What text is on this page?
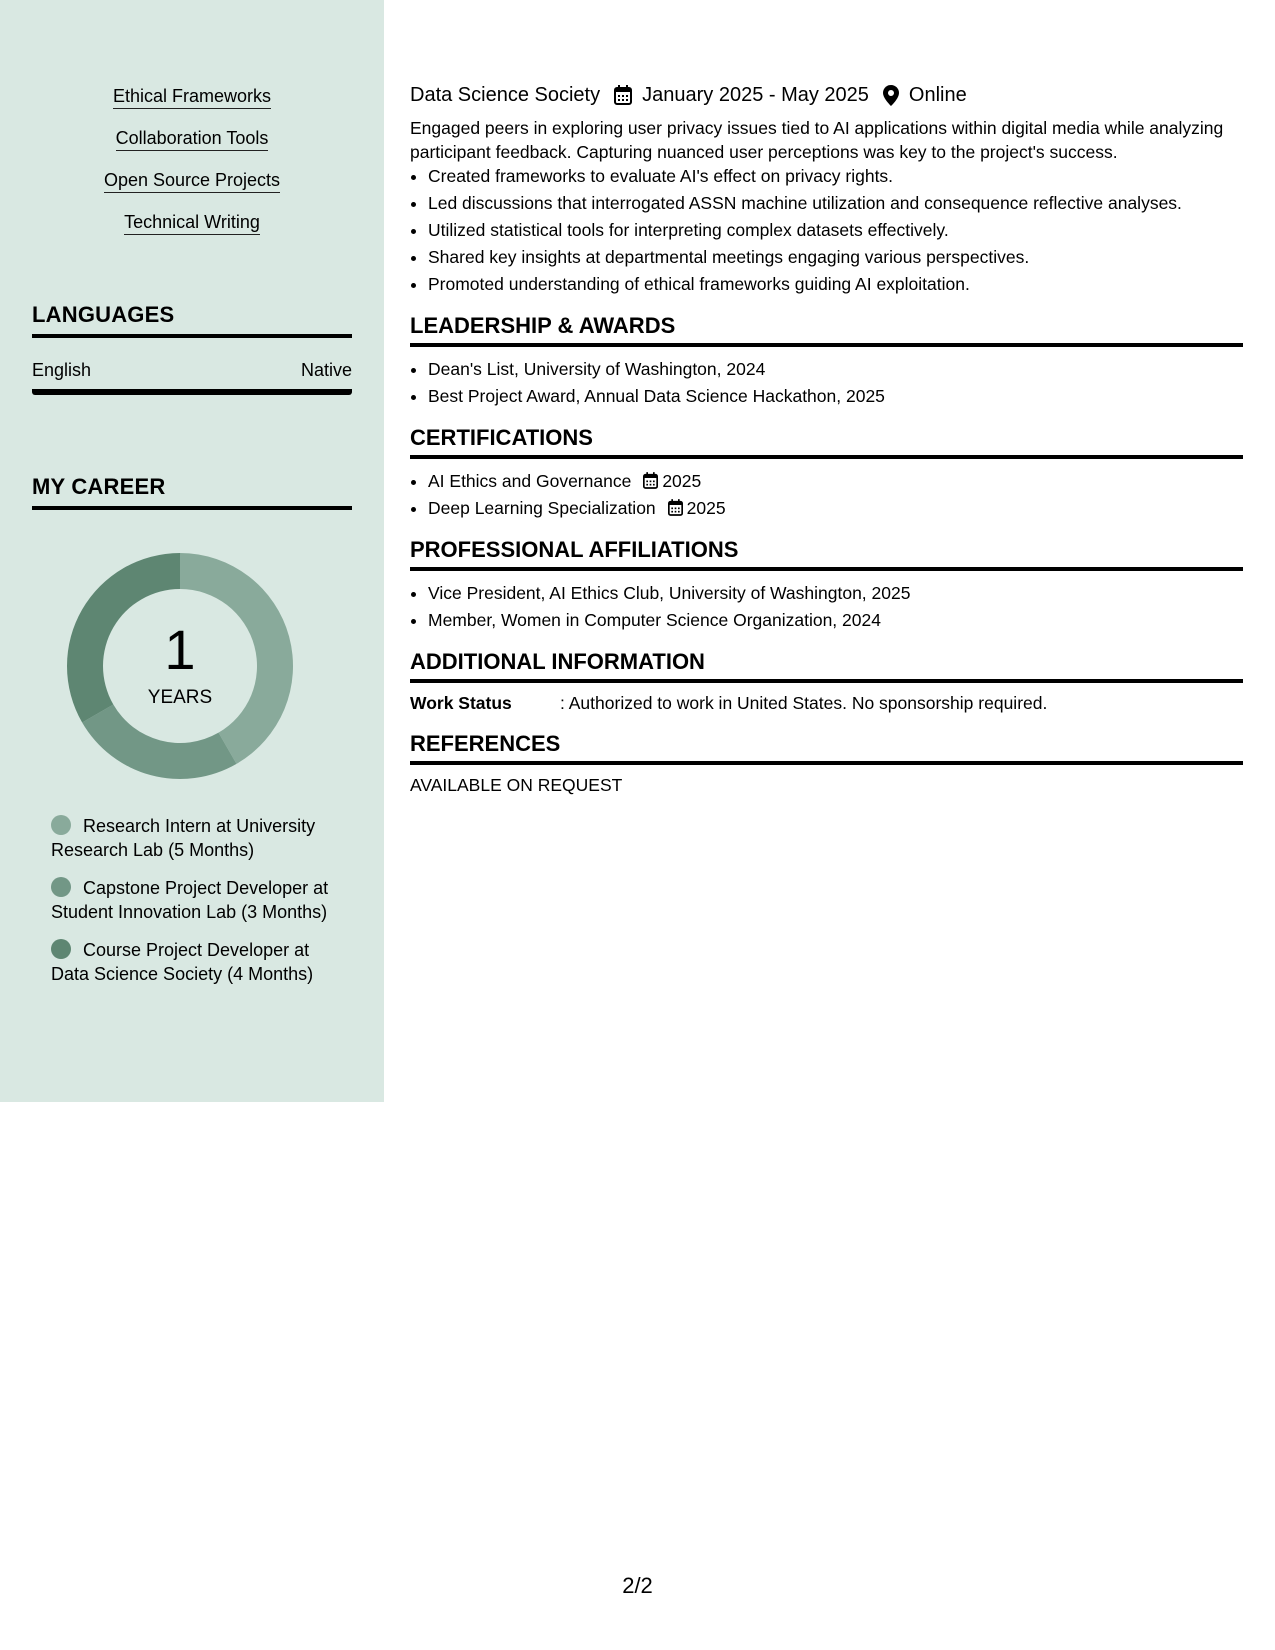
Ethical Frameworks
Collaboration Tools
Open Source Projects
Technical Writing
LANGUAGES
English	Native
MY CAREER
1
YEARS
Research Intern at University Research Lab (5 Months)
Capstone Project Developer at Student Innovation Lab (3 Months)
Course Project Developer at Data Science Society (4 Months)
Data Science Society January 2025 - May 2025 Online
Engaged peers in exploring user privacy issues tied to AI applications within digital media while analyzing participant feedback. Capturing nuanced user perceptions was key to the project's success.
• Created frameworks to evaluate AI's effect on privacy rights.
• Led discussions that interrogated ASSN machine utilization and consequence reflective analyses.
• Utilized statistical tools for interpreting complex datasets effectively.
• Shared key insights at departmental meetings engaging various perspectives.
• Promoted understanding of ethical frameworks guiding AI exploitation.
LEADERSHIP & AWARDS
• Dean's List, University of Washington, 2024
• Best Project Award, Annual Data Science Hackathon, 2025
CERTIFICATIONS
• AI Ethics and Governance 2025
• Deep Learning Specialization 2025
PROFESSIONAL AFFILIATIONS
• Vice President, AI Ethics Club, University of Washington, 2025
• Member, Women in Computer Science Organization, 2024
ADDITIONAL INFORMATION
Work Status	: Authorized to work in United States. No sponsorship required.
REFERENCES
AVAILABLE ON REQUEST
2/2
